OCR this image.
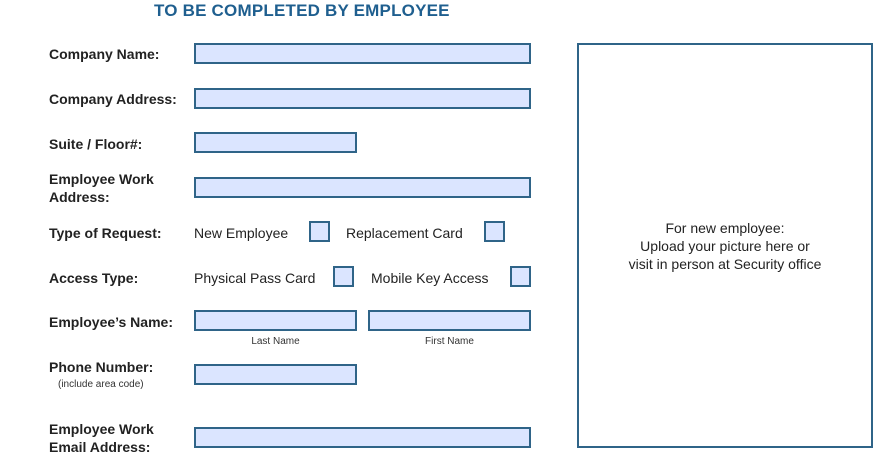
TO BE COMPLETED BY EMPLOYEE
Company Name:
Company Address:
Suite / Floor#:
Employee Work
Address:
Type of Request: New Employee	Replacement Card
Access Type:	Physical Pass Card	Mobile Key Access
Employee’s Name:
Last Name	First Name
Phone Number:
(include area code)
Employee Work
Email Address:
For new employee:
Upload your picture here or
visit in person at Security office
